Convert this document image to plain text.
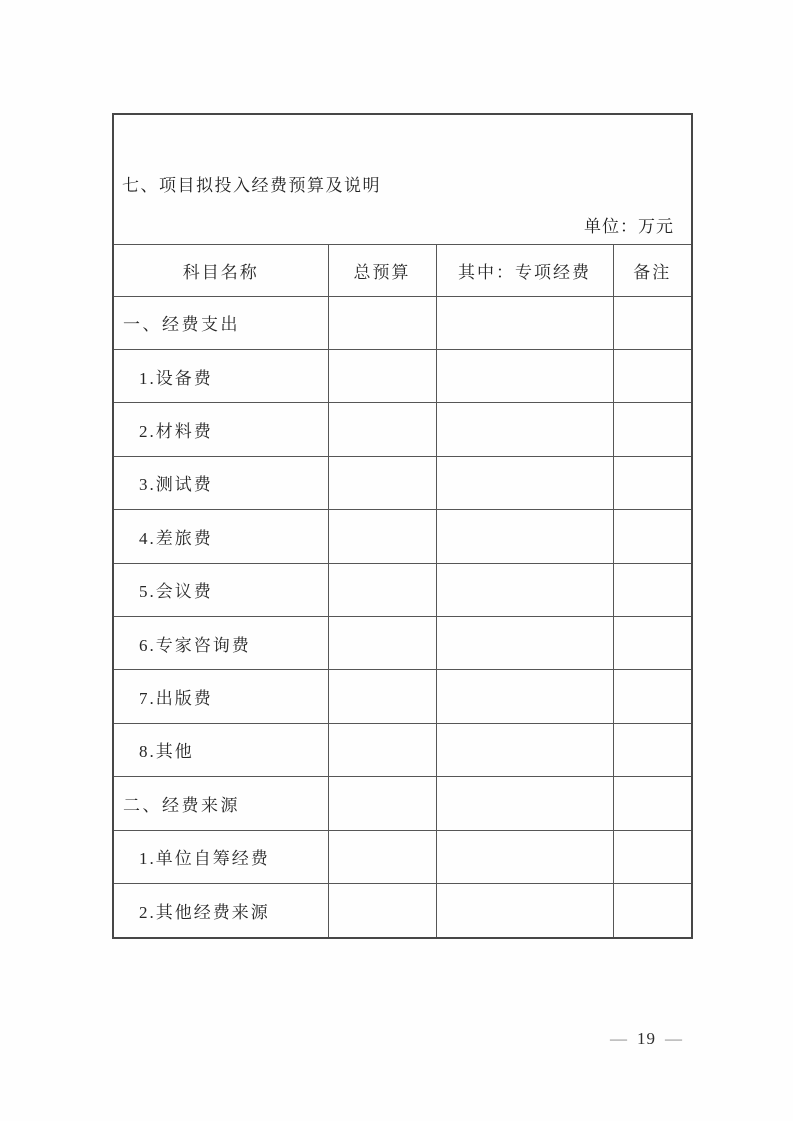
七、项目拟投入经费预算及说明
单位：万元			

科目名称	总预算	其中：专项经费	备注
一、经费支出			
1.设备费			
2.材料费			
3.测试费			
4.差旅费			
5.会议费			
6.专家咨询费			
7.出版费			
8.其他			
二、经费来源			
1.单位自筹经费			
2.其他经费来源			
— 19 —
